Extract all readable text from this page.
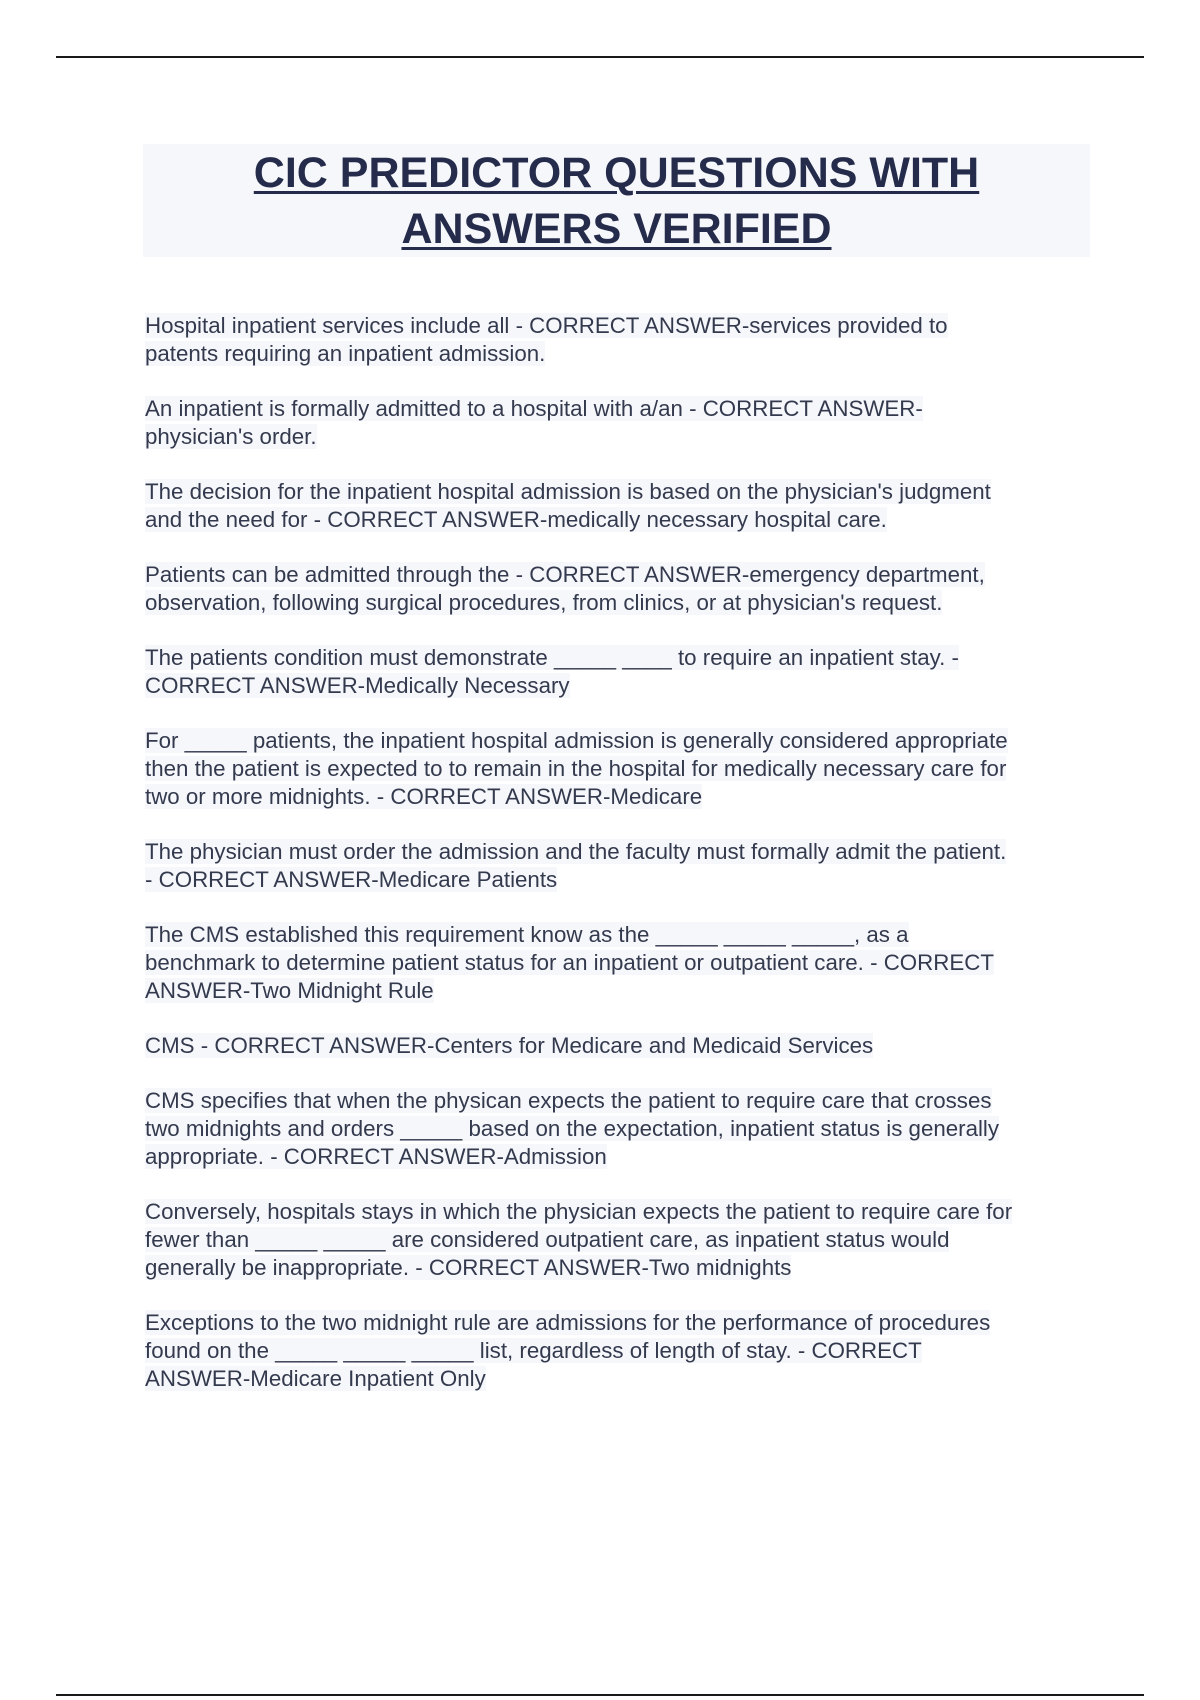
CIC PREDICTOR QUESTIONS WITH
ANSWERS VERIFIED
Hospital inpatient services include all - CORRECT ANSWER-services provided to
patents requiring an inpatient admission.
An inpatient is formally admitted to a hospital with a/an - CORRECT ANSWER-
physician's order.
The decision for the inpatient hospital admission is based on the physician's judgment
and the need for - CORRECT ANSWER-medically necessary hospital care.
Patients can be admitted through the - CORRECT ANSWER-emergency department,
observation, following surgical procedures, from clinics, or at physician's request.
The patients condition must demonstrate _____ ____ to require an inpatient stay. -
CORRECT ANSWER-Medically Necessary
For _____ patients, the inpatient hospital admission is generally considered appropriate
then the patient is expected to to remain in the hospital for medically necessary care for
two or more midnights. - CORRECT ANSWER-Medicare
The physician must order the admission and the faculty must formally admit the patient.
- CORRECT ANSWER-Medicare Patients
The CMS established this requirement know as the _____ _____ _____, as a
benchmark to determine patient status for an inpatient or outpatient care. - CORRECT
ANSWER-Two Midnight Rule
CMS - CORRECT ANSWER-Centers for Medicare and Medicaid Services
CMS specifies that when the physican expects the patient to require care that crosses
two midnights and orders _____ based on the expectation, inpatient status is generally
appropriate. - CORRECT ANSWER-Admission
Conversely, hospitals stays in which the physician expects the patient to require care for
fewer than _____ _____ are considered outpatient care, as inpatient status would
generally be inappropriate. - CORRECT ANSWER-Two midnights
Exceptions to the two midnight rule are admissions for the performance of procedures
found on the _____ _____ _____ list, regardless of length of stay. - CORRECT
ANSWER-Medicare Inpatient Only
